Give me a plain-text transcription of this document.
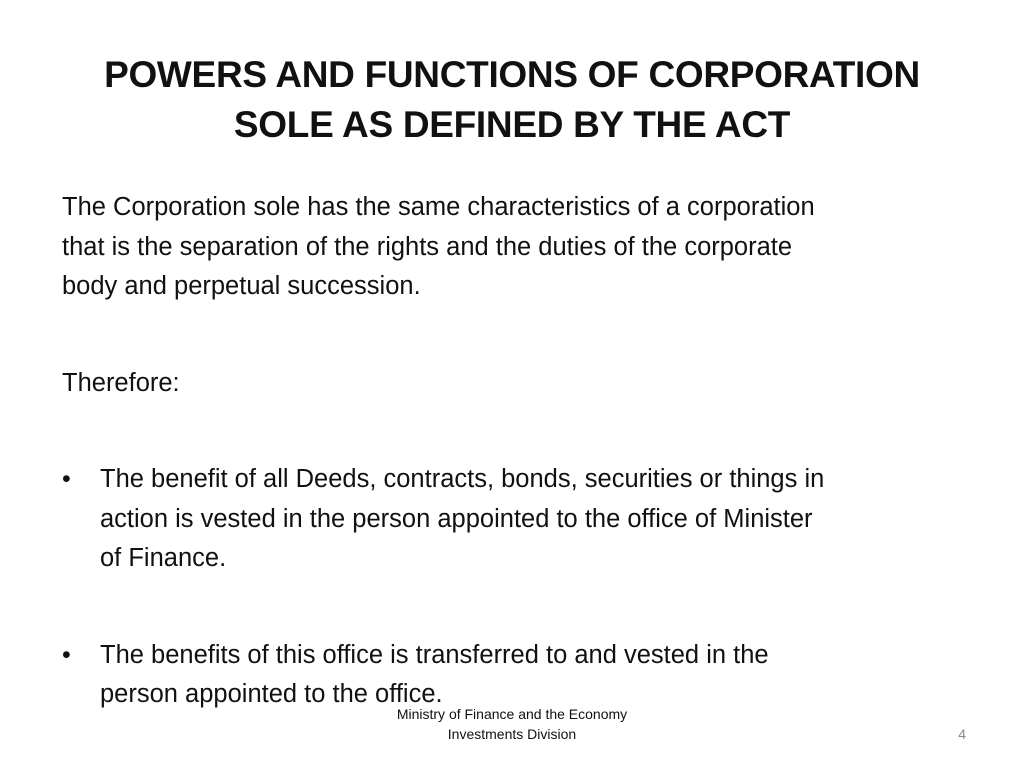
POWERS AND FUNCTIONS OF CORPORATION
SOLE AS DEFINED BY THE ACT

The Corporation sole has the same characteristics of a corporation
that is the separation of the rights and the duties of the corporate
body and perpetual succession.

Therefore:

• The benefit of all Deeds, contracts, bonds, securities or things in
action is vested in the person appointed to the office of Minister
of Finance.
• The benefits of this office is transferred to and vested in the
person appointed to the office.
Ministry of Finance and the Economy
Investments Division	4
